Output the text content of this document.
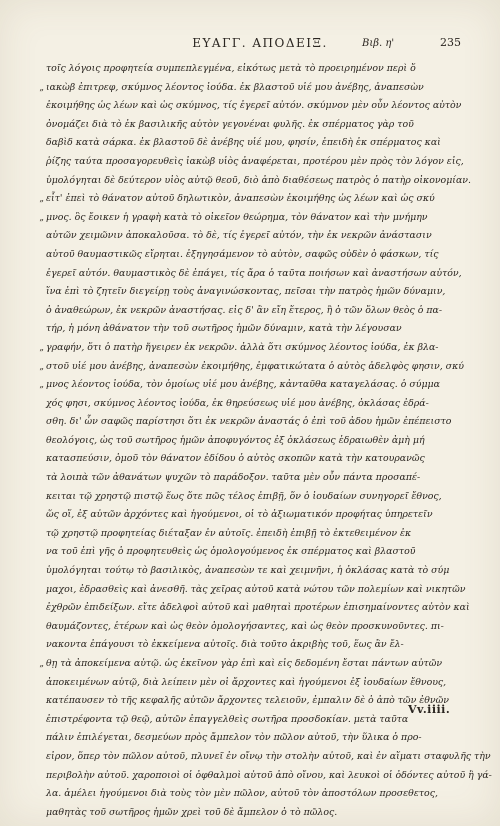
ΕΥΑΓΓ. ΑΠΟΔΕΙΞ.	Βιβ. η'	235
τοῖς λόγοις προφητεία συμπεπλεγμένα, εἰκότως μετὰ τὸ προειρημένον περὶ ὅ
„ ιακὼβ ἐπιτρεφ, σκύμνος λέοντος ἰούδα. ἐκ βλαστοῦ υἱέ μου ἀνέβης, ἀναπεσὼν
ἐκοιμήθης ὡς λέων καὶ ὡς σκύμνος, τίς ἐγερεῖ αὐτόν. σκύμνον μὲν οὖν λέοντος αὐτὸν
ὀνομάζει διὰ τὸ ἐκ βασιλικῆς αὐτὸν γεγονέναι φυλῆς. ἐκ σπέρματος γὰρ τοῦ
δαβὶδ κατὰ σάρκα. ἐκ βλαστοῦ δὲ ἀνέβης υἱέ μου, φησίν, ἐπειδὴ ἐκ σπέρματος καὶ
ῥίζης ταύτα προσαγορευθεὶς ἰακὼβ υἱὸς ἀναφέρεται, προτέρου μὲν πρὸς τὸν λόγον εἰς,
ὑμολόγηται δὲ δεύτερον υἱὸς αὐτῷ θεοῦ, διὸ ἀπὸ διαθέσεως πατρὸς ὁ πατὴρ οἰκονομίαν.
„ εἶτ' ἐπεὶ τὸ θάνατον αὐτοῦ δηλωτικὸν, ἀναπεσὼν ἐκοιμήθης ὡς λέων καὶ ὡς σκύ
„ μνος. ὃς ἔοικεν ἡ γραφὴ κατὰ τὸ οἰκεῖον θεώρημα, τὸν θάνατον καὶ τὴν μνήμην
αὐτῶν χειμῶνιν ἀποκαλοῦσα. τὸ δὲ, τίς ἐγερεῖ αὐτόν, τὴν ἐκ νεκρῶν ἀνάστασιν
αὐτοῦ θαυμαστικῶς εἴρηται. ἐξηγησάμενον τὸ αὐτὸν, σαφῶς οὐδὲν ὁ φάσκων, τίς
ἐγερεῖ αὐτόν. θαυμαστικὸς δὲ ἐπάγει, τίς ἄρα ὁ ταῦτα ποιήσων καὶ ἀναστήσων αὐτόν,
ἵνα ἐπὶ τὸ ζητεῖν διεγείρῃ τοὺς ἀναγινώσκοντας, πεῖσαι τὴν πατρὸς ἡμῶν δύναμιν,
ὁ ἀναθεώρων, ἐκ νεκρῶν ἀναστήσας. εἰς δ' ἂν εἴη ἕτερος, ἢ ὁ τῶν ὅλων θεὸς ὁ πα-
τήρ, ἡ μόνη ἀθάνατον τὴν τοῦ σωτῆρος ἡμῶν δύναμιν, κατὰ τὴν λέγουσαν
„ γραφήν, ὅτι ὁ πατὴρ ἤγειρεν ἐκ νεκρῶν. ἀλλὰ ὅτι σκύμνος λέοντος ἰούδα, ἐκ βλα-
„ στοῦ υἱέ μου ἀνέβης, ἀναπεσὼν ἐκοιμήθης, ἐμφατικώτατα ὁ αὐτὸς ἀδελφὸς φησιν, σκύ
„ μνος λέοντος ἰούδα, τὸν ὁμοίως υἱέ μου ἀνέβης, κἀνταῦθα καταγελάσας. ὁ σύμμα
χός φησι, σκύμνος λέοντος ἰούδα, ἐκ θηρεύσεως υἱέ μου ἀνέβης, ὀκλάσας ἐδρά-
σθη. δι' ὧν σαφῶς παρίστησι ὅτι ἐκ νεκρῶν ἀναστάς ὁ ἐπὶ τοῦ ἀδου ἡμῶν ἐπέπειστο
θεολόγοις, ὡς τοῦ σωτῆρος ἡμῶν ἀποφυγόντος ἐξ ὀκλάσεως ἑδραιωθὲν ἀμὴ μή
κατασπεύσιν, ὁμοῦ τὸν θάνατον ἐδίδου ὁ αὐτὸς σκοπῶν κατὰ τὴν κατουρανῶς
τὰ λοιπὰ τῶν ἀθανάτων ψυχῶν τὸ παράδοξον. ταῦτα μὲν οὖν πάντα προσαπέ-
κειται τῷ χρηστῷ πιστῷ ἕως ὅτε πῶς τέλος ἐπιβῇ, ὅν ὁ ἰουδαίων συνηγορεῖ ἔθνος,
ὥς οἵ, ἐξ αὐτῶν ἀρχόντες καὶ ἡγούμενοι, οἱ τὸ ἀξιωματικόν προφήτας ὑπηρετεῖν
τῷ χρηστῷ προφητείας διέταξαν ἐν αὐτοῖς. ἐπειδὴ ἐπιβῇ τὸ ἐκτεθειμένον ἐκ
να τοῦ ἐπὶ γῆς ὁ προφητευθεὶς ὡς ὁμολογούμενος ἐκ σπέρματος καὶ βλαστοῦ
ὑμολόγηται τούτῳ τὸ βασιλικὸς, ἀναπεσὼν τε καὶ χειμνῆνι, ἡ ὀκλάσας κατὰ τὸ σύμ
μαχοι, ἑδρασθεὶς καὶ ἀνεσθῆ. τὰς χεῖρας αὐτοῦ κατὰ νώτου τῶν πολεμίων καὶ νικητῶν
ἐχθρῶν ἐπιδείξων. εἴτε ἀδελφοὶ αὐτοῦ καὶ μαθηταὶ προτέρων ἐπισημαίνοντες αὐτὸν καὶ
θαυμάζοντες, ἑτέρων καὶ ὡς θεὸν ὁμολογήσαντες, καὶ ὡς θεὸν προσκυνοῦντες. πι-
νακοντα ἐπάγουσι τὸ ἐκκείμενα αὐτοῖς. διὰ τοῦτο ἀκριβὴς τοῦ, ἕως ἂν ἔλ-
„ θῃ τὰ ἀποκείμενα αὐτῷ. ὡς ἐκεῖνον γὰρ ἐπὶ καὶ εἰς δεδομένη ἔσται πάντων αὐτῶν
ἀποκειμένων αὐτῷ, διὰ λείπειν μὲν οἱ ἄρχοντες καὶ ἡγούμενοι ἐξ ἰουδαίων ἔθνους,
κατέπαυσεν τὸ τῆς κεφαλῆς αὐτῶν ἄρχοντες τελειοῦν, ἐμπαλιν δὲ ὁ ἀπὸ τῶν ἐθνῶν
ἐπιστρέφοντα τῷ θεῷ, αὐτῶν ἐπαγγελθεὶς σωτῆρα προσδοκίαν. μετὰ ταῦτα
πάλιν ἐπιλέγεται, δεσμεύων πρὸς ἄμπελον τὸν πῶλον αὐτοῦ, τὴν ὕλικα ὁ προ-
εἰρον, ὅπερ τὸν πῶλον αὐτοῦ, πλυνεῖ ἐν οἴνῳ τὴν στολὴν αὐτοῦ, καὶ ἐν αἵματι σταφυλῆς τὴν
περιβολὴν αὐτοῦ. χαροποιοὶ οἱ ὀφθαλμοὶ αὐτοῦ ἀπὸ οἴνου, καὶ λευκοὶ οἱ ὀδόντες αὐτοῦ ἢ γά-
λα. ἀμέλει ἡγούμενοι διὰ τοὺς τὸν μὲν πῶλον, αὐτοῦ τὸν ἀποστόλων προσεθετος,
μαθητὰς τοῦ σωτῆρος ἡμῶν χρεὶ τοῦ δὲ ἄμπελον ὁ τὸ πῶλος.
Vv.iiii.
